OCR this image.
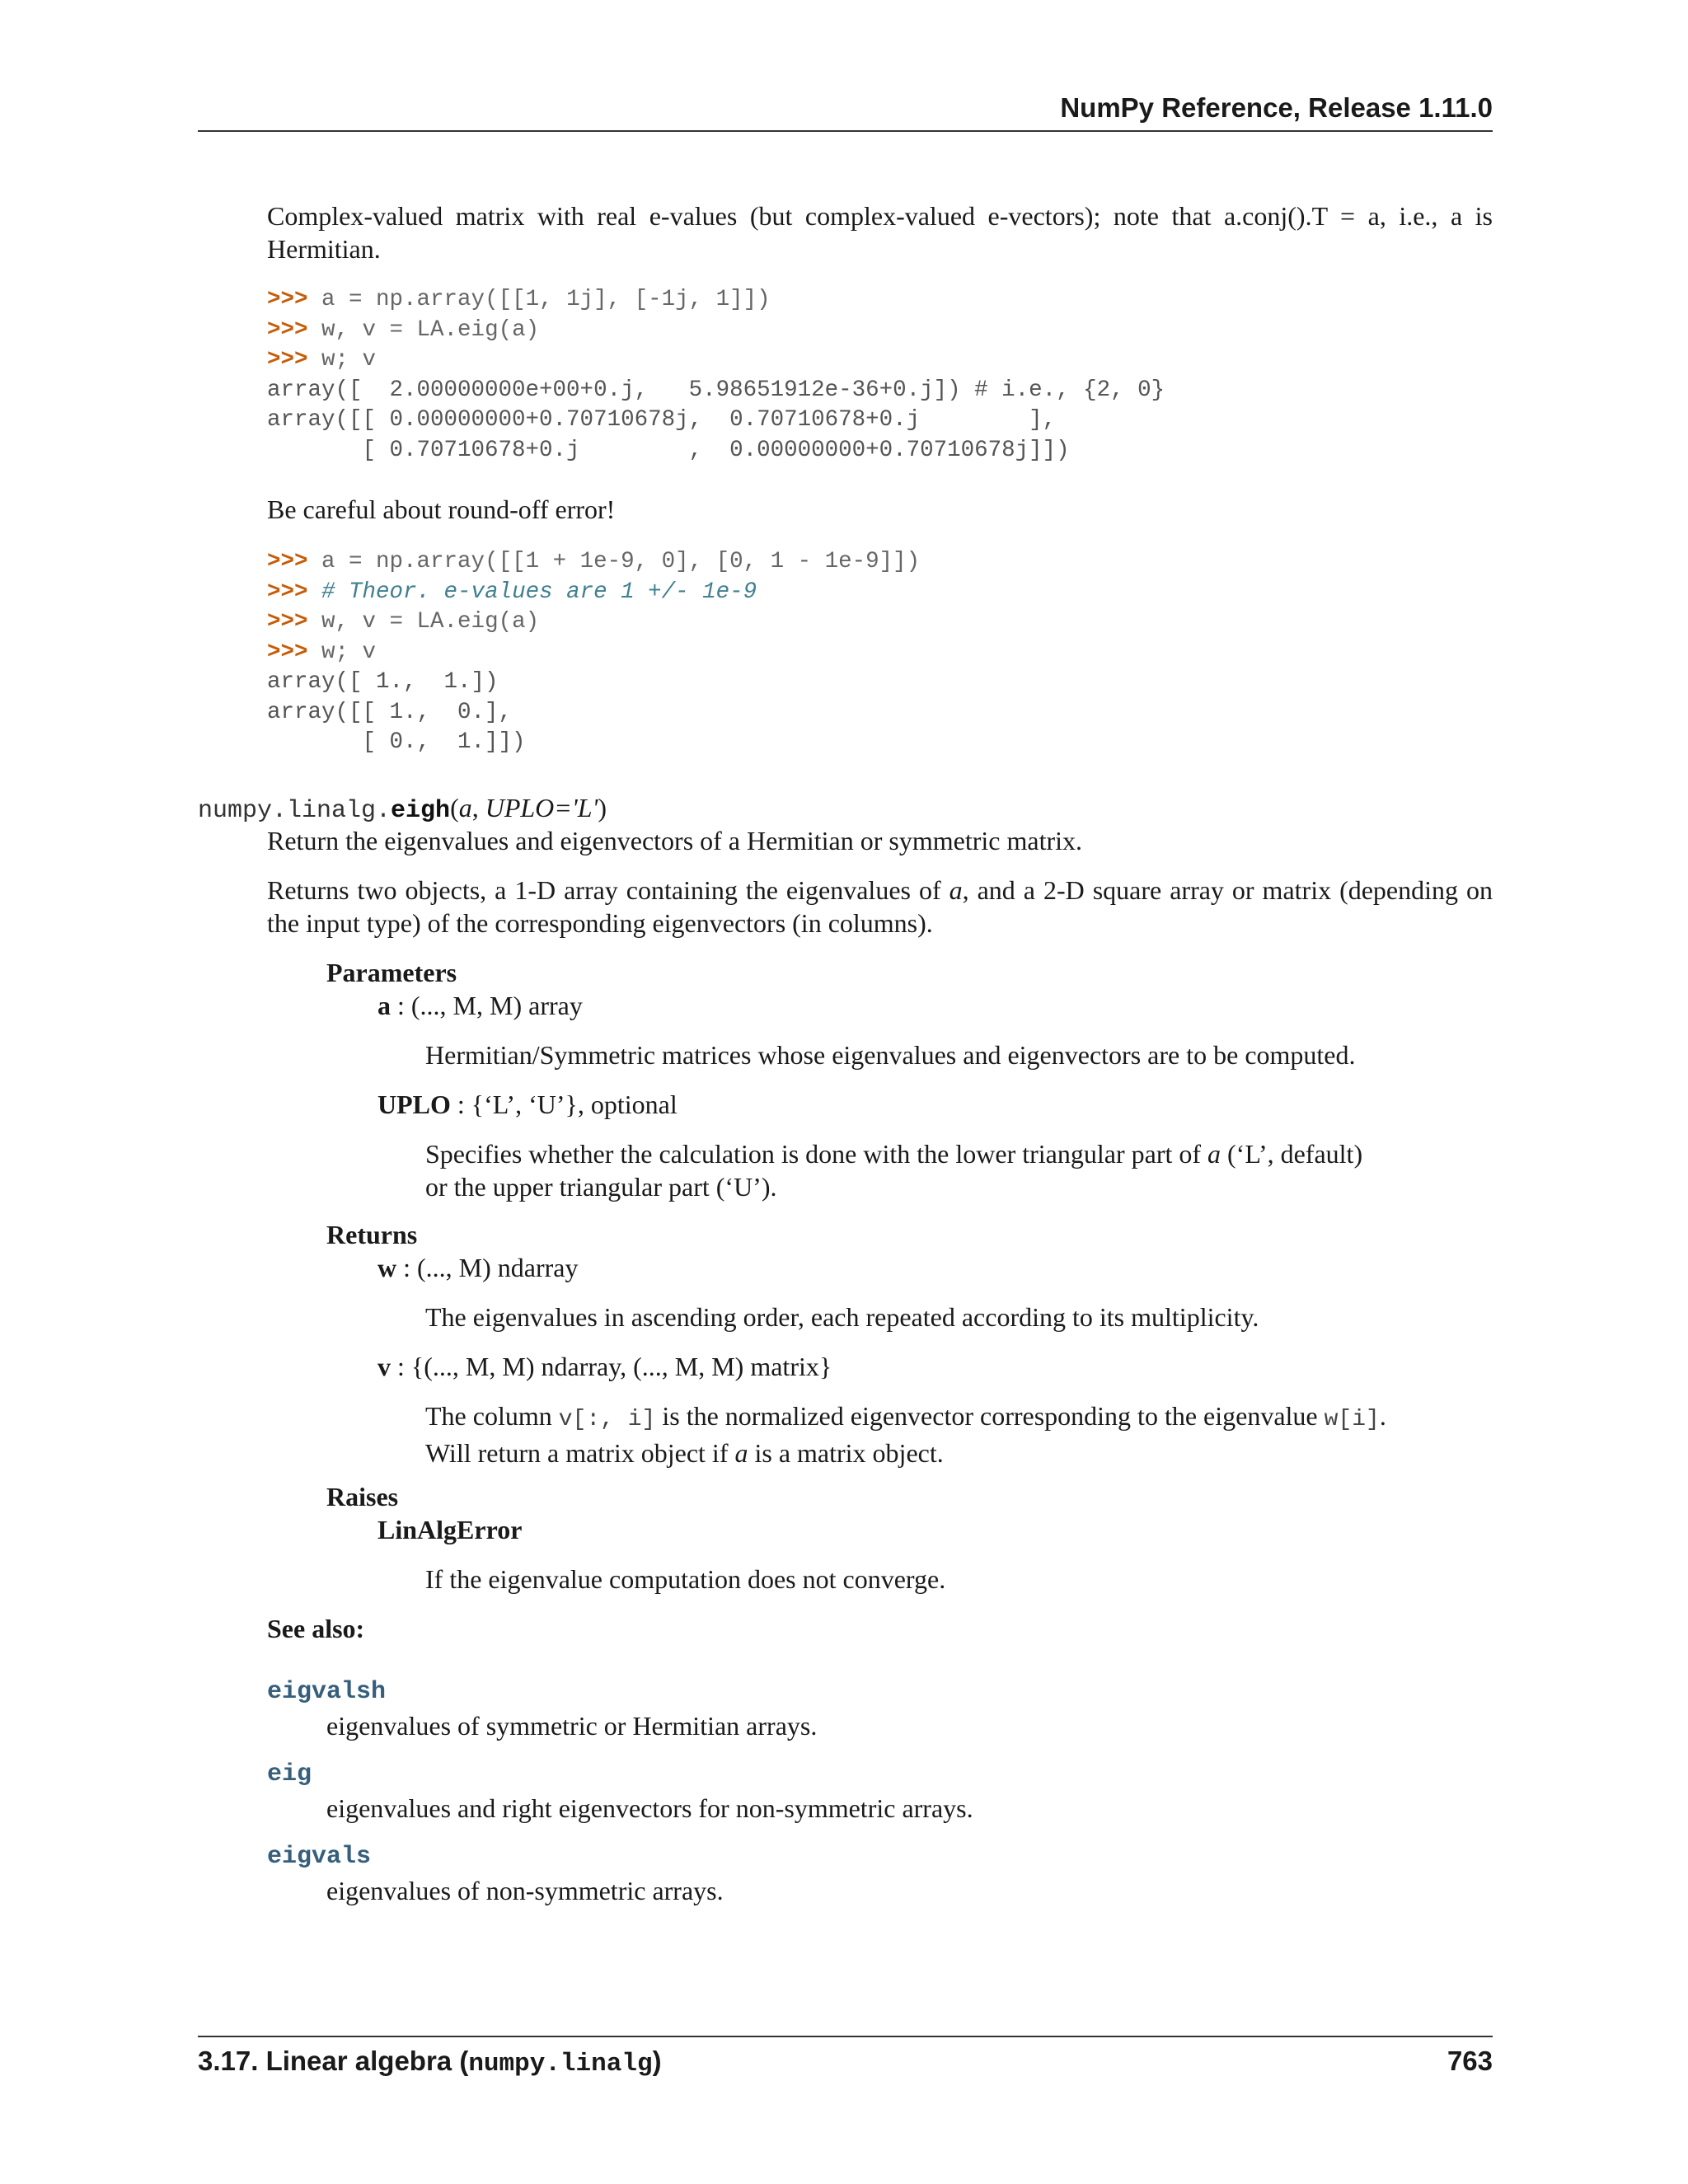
NumPy Reference, Release 1.11.0
Complex-valued matrix with real e-values (but complex-valued e-vectors); note that a.conj().T = a, i.e., a is Hermitian.
>>> a = np.array([[1, 1j], [-1j, 1]])
>>> w, v = LA.eig(a)
>>> w; v
array([  2.00000000e+00+0.j,   5.98651912e-36+0.j]) # i.e., {2, 0}
array([[ 0.00000000+0.70710678j,  0.70710678+0.j        ],
[ 0.70710678+0.j        ,  0.00000000+0.70710678j]])
Be careful about round-off error!
>>> a = np.array([[1 + 1e-9, 0], [0, 1 - 1e-9]])
>>> # Theor. e-values are 1 +/- 1e-9
>>> w, v = LA.eig(a)
>>> w; v
array([ 1.,  1.])
array([[ 1.,  0.],
[ 0.,  1.]])
numpy.linalg.eigh(a, UPLO='L')
Return the eigenvalues and eigenvectors of a Hermitian or symmetric matrix.
Returns two objects, a 1-D array containing the eigenvalues of a, and a 2-D square array or matrix (depending on the input type) of the corresponding eigenvectors (in columns).
Parameters
a : (..., M, M) array
Hermitian/Symmetric matrices whose eigenvalues and eigenvectors are to be computed.
UPLO : {‘L’, ‘U’}, optional
Specifies whether the calculation is done with the lower triangular part of a (‘L’, default) or the upper triangular part (‘U’).
Returns
w : (..., M) ndarray
The eigenvalues in ascending order, each repeated according to its multiplicity.
v : {(..., M, M) ndarray, (..., M, M) matrix}
The column v[:, i] is the normalized eigenvector corresponding to the eigenvalue w[i]. Will return a matrix object if a is a matrix object.
Raises
LinAlgError
If the eigenvalue computation does not converge.
See also:
eigvalsh
eigenvalues of symmetric or Hermitian arrays.
eig
eigenvalues and right eigenvectors for non-symmetric arrays.
eigvals
eigenvalues of non-symmetric arrays.
3.17. Linear algebra (numpy.linalg)	763
